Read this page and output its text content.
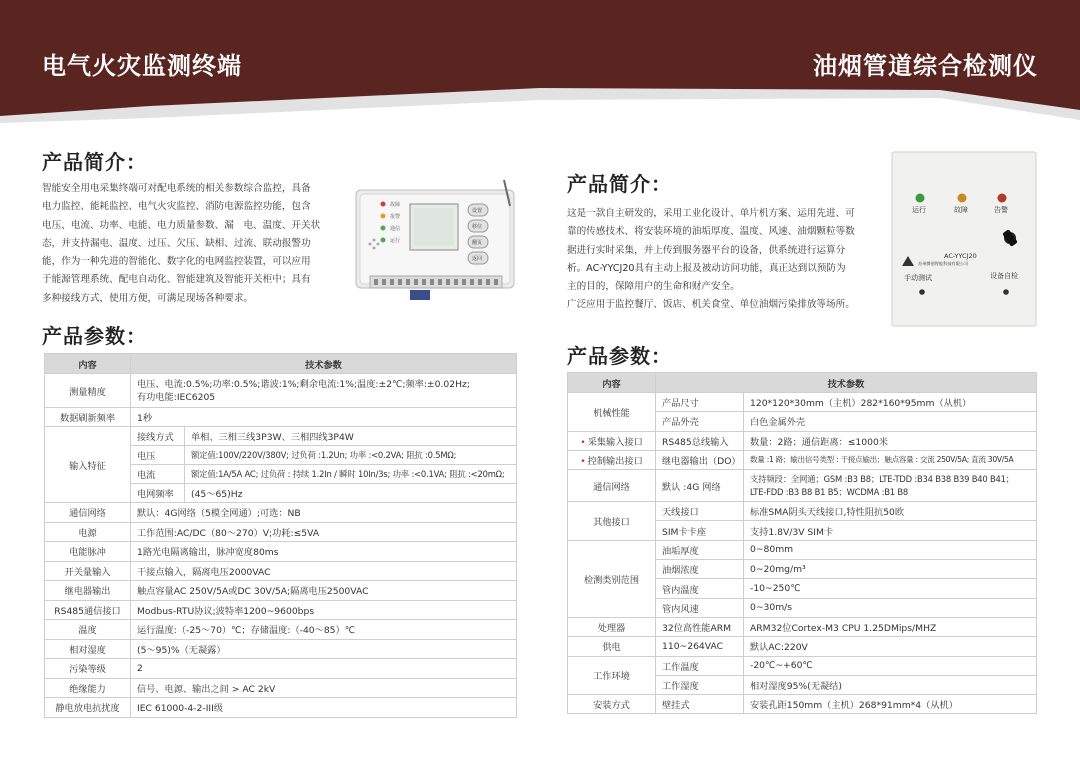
电气火灾监测终端	油烟管道综合检测仪
产品简介：
智能安全用电采集终端可对配电系统的相关参数综合监控，具备
电力监控、能耗监控、电气火灾监控、消防电源监控功能，包含
电压、电流、功率、电能、电力质量参数、漏　电、温度、开关状
态，并支持漏电、温度、过压、欠压、缺相、过流、联动报警功
能，作为一种先进的智能化、数字化的电网监控装置，可以应用
于能源管理系统、配电自动化、智能建筑及智能开关柜中；具有
多种接线方式，使用方便，可满足现场各种要求。
故障
报警
通信
运行
设置
移位
翻页
返回
产品参数：
内容	技术参数	
测量精度	电压、电流:0.5%;功率:0.5%;谐波:1%;剩余电流:1%;温度:±2℃;频率:±0.02Hz;
有功电能:IEC6205	

数据刷新频率	1秒	
输入特征	接线方式	单相、三相三线3P3W、三相四线3P4W
	电压	额定值:100V/220V/380V; 过负荷 :1.2Un; 功率 :<0.2VA; 阻抗 :0.5MΩ;
	电流	额定值:1A/5A AC; 过负荷 : 持续 1.2In / 瞬时 10In/3s; 功率 :<0.1VA; 阻抗 :<20mΩ;
	电网频率	(45～65)Hz
通信网络	默认：4G网络（5模全网通）;可选：NB	
电源	工作范围:AC/DC（80～270）V;功耗:≤5VA	
电能脉冲	1路光电隔离输出，脉冲宽度80ms	
开关量输入	干接点输入，隔离电压2000VAC	
继电器输出	触点容量AC 250V/5A或DC 30V/5A;隔离电压2500VAC	
RS485通信接口	Modbus-RTU协议;波特率1200~9600bps	
温度	运行温度:（-25～70）℃；存储温度:（-40～85）℃	
相对湿度	(5～95)%（无凝露）	
污染等级	2	
绝缘能力	信号、电源、输出之间 > AC 2kV	
静电放电抗扰度	IEC 61000-4-2-III级	
产品简介：
这是一款自主研发的，采用工业化设计、单片机方案、运用先进、可
靠的传感技术、将安装环境的油垢厚度、温度、风速、油烟颗粒等数
据进行实时采集，并上传到服务器平台的设备，供系统进行运算分
析。AC-YYCJ20具有主动上报及被动访问功能，真正达到以预防为
主的目的，保障用户的生命和财产安全。
广泛应用于监控餐厅、饭店、机关食堂、单位油烟污染排放等场所。
运行	故障	告警
AC-YYCJ20
苏州腾创智能科技有限公司
手动测试	设备自检
产品参数：
内容	技术参数	
机械性能	产品尺寸	120*120*30mm（主机）282*160*95mm（从机）
	产品外壳	白色金属外壳
• 采集输入接口	RS485总线输入	数量：2路；通信距离：≤1000米
• 控制输出接口	继电器输出（DO）	数量 :1 路；输出信号类型 : 干接点输出；触点容量 : 交流 250V/5A; 直流 30V/5A
通信网络	默认 :4G 网络	支持频段：全网通；GSM :B3 B8；LTE-TDD :B34 B38 B39 B40 B41；
LTE-FDD :B3 B8 B1 B5；WCDMA :B1 B8

其他接口	天线接口	标准SMA阴头天线接口,特性阻抗50欧
	SIM卡卡座	支持1.8V/3V SIM卡
检测类别范围	油垢厚度	0~80mm
	油烟浓度	0~20mg/m³
	管内温度	-10~250℃
	管内风速	0~30m/s
处理器	32位高性能ARM	ARM32位Cortex-M3 CPU 1.25DMips/MHZ
供电	110~264VAC	默认AC:220V
工作环境	工作温度	-20℃~+60℃
	工作湿度	相对湿度95%(无凝结)
安装方式	壁挂式	安装孔距150mm（主机）268*91mm*4（从机）
